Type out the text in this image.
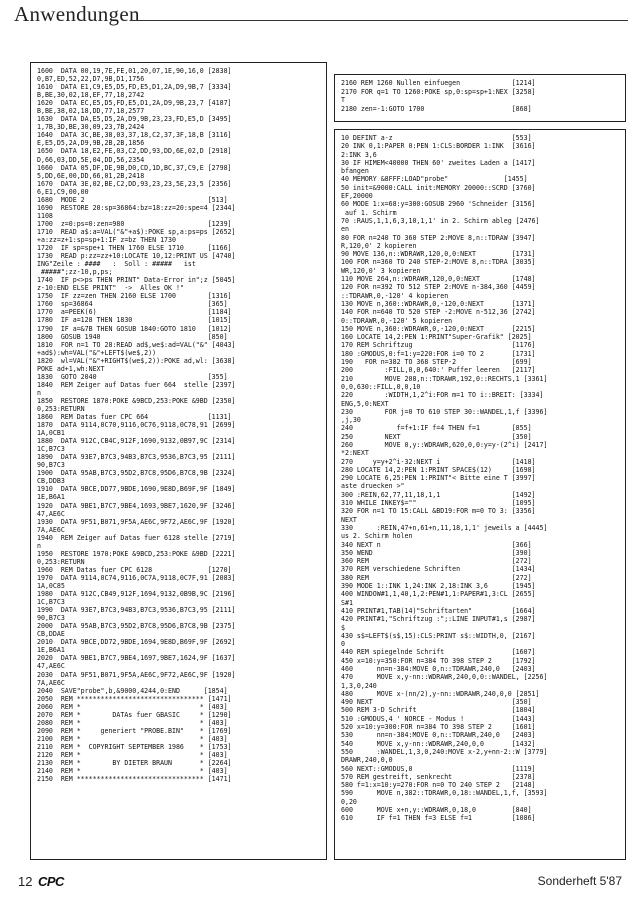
Anwendungen
1600  DATA 00,19,7E,FE,01,20,07,1E,90,16,0 [2838]
0,B7,ED,52,22,D7,9B,D1,1756
1610  DATA E1,C9,E5,D5,FD,E5,D1,2A,D9,9B,7 [3334]
B,BE,30,02,18,EF,77,18,2742
1620  DATA EC,E5,D5,FD,E5,D1,2A,D9,9B,23,7 [4187]
B,BE,38,02,18,DD,77,18,2577
1630  DATA DA,E5,D5,2A,D9,9B,23,23,FD,E5,D [3495]
1,7B,3D,BE,30,09,23,7B,2424
1640  DATA 3C,BE,38,03,37,18,C2,37,3F,18,B [3116]
E,E5,D5,2A,D9,9B,2B,2B,1856
1650  DATA 18,E2,FE,03,C2,DD,93,DD,6E,02,D [2918]
D,66,03,DD,5E,04,DD,56,2354
1660  DATA 05,DF,DE,9B,D0,CD,1D,BC,37,C9,E [2798]
5,DD,6E,00,DD,66,01,2B,2418
1670  DATA 3E,02,BE,C2,DD,93,23,23,5E,23,5 [2356]
6,E1,C9,00,00
1680  MODE 2                               [513]
1690  RESTORE 20:sp=36864:bz=18:zz=20:spe=4 [2344]
1108
1700  z=0:ps=0:zen=980                     [1239]
1710  READ a$:a=VAL("&"+a$):POKE sp,a:ps=ps [2652]
+a:zz=z+1:sp=sp+1:IF z=bz THEN 1730
1720  IF sp=spe+1 THEN 1760 ELSE 1710      [1166]
1730  READ p:zz=zz+10:LOCATE 10,12:PRINT US [4740]
ING"Zeile : ####   :  Soll : #####   ist
#####";zz-10,p,ps;
1740  IF p<>ps THEN PRINT" Data-Error in";z [5045]
z-10:END ELSE PRINT"  ->  Alles OK !"
1750  IF zz=zen THEN 2160 ELSE 1700        [1316]
1760  sp=36864                             [365]
1770  a=PEEK(6)                            [1184]
1780  IF a=128 THEN 1830                   [1015]
1790  IF a=&7B THEN GOSUB 1840:GOTO 1810   [1012]
1800  GOSUB 1940                           [850]
1810  FOR n=1 TO 28:READ ad$,we$:ad=VAL("&" [4043]
+ad$):wh=VAL("&"+LEFT$(we$,2))
1820  wl=VAL("&"+RIGHT$(we$,2)):POKE ad,wl: [3638]
POKE ad+1,wh:NEXT
1830  GOTO 2040                            [355]
1840  REM Zeiger auf Datas fuer 664  stelle [2397]
n
1850  RESTORE 1870:POKE &9BCD,253:POKE &9BD [2350]
0,253:RETURN
1860  REM Datas fuer CPC 664               [1131]
1870  DATA 9114,0C70,9116,0C76,9118,0C78,91 [2699]
1A,0CB1
1880  DATA 912C,CB4C,912F,1690,9132,0B97,9C [2314]
1C,B7C3
1890  DATA 93E7,B7C3,94B3,B7C3,9536,B7C3,95 [2111]
90,B7C3
1900  DATA 95AB,B7C3,95D2,B7C8,95D6,B7C8,9B [2324]
CB,DDB3
1910  DATA 9BCE,DD77,9BDE,1690,9E8D,B69F,9F [1849]
1E,B6A1
1920  DATA 9BE1,B7C7,9BE4,1693,9BE7,1620,9F [3246]
47,AE6C
1930  DATA 9F51,B071,9F5A,AE6C,9F72,AE6C,9F [1920]
7A,AE6C
1940  REM Zeiger auf Datas fuer 6128 stelle [2719]
n
1950  RESTORE 1970:POKE &9BCD,253:POKE &9BD [2221]
0,253:RETURN
1960  REM Datas fuer CPC 6128              [1270]
1970  DATA 9114,0C74,9116,0C7A,9118,0C7F,91 [2083]
1A,0C85
1980  DATA 912C,CB49,912F,1694,9132,0B9B,9C [2196]
1C,B7C3
1990  DATA 93E7,B7C3,94B3,B7C3,9536,B7C3,95 [2111]
90,B7C3
2000  DATA 95AB,B7C3,95D2,B7C8,95D6,B7C8,9B [2375]
CB,DDAE
2010  DATA 9BCE,DD72,9BDE,1694,9E8D,B69F,9F [2692]
1E,B6A1
2020  DATA 9BE1,B7C7,9BE4,1697,9BE7,1624,9F [1637]
47,AE6C
2030  DATA 9F51,B071,9F5A,AE6C,9F72,AE6C,9F [1920]
7A,AE6C
2040  SAVE"probe",b,&9000,4244,0:END      [1854]
2050  REM ******************************** [1471]
2060  REM *                              * [403]
2070  REM *        DATAs fuer GBASIC     * [1290]
2080  REM *                              * [403]
2090  REM *     generiert "PROBE.BIN"    * [1769]
2100  REM *                              * [403]
2110  REM *  COPYRIGHT SEPTEMBER 1986    * [1753]
2120  REM *                              * [403]
2130  REM *        BY DIETER BRAUN       * [2264]
2140  REM *                              * [403]
2150  REM ******************************** [1471]
2160 REM 1260 Nullen einfuegen             [1214]
2170 FOR q=1 TO 1260:POKE sp,0:sp=sp+1:NEX [3258]
T
2180 zen=-1:GOTO 1700                      [868]
10 DEFINT a-z                              [553]
20 INK 0,1:PAPER 0:PEN 1:CLS:BORDER 1:INK  [3616]
2:INK 3,6
30 IF HIMEM<40000 THEN 60' zweites Laden a [1417]
bfangen
40 MEMORY &8FFF:LOAD"probe"              [1455]
50 init=&9000:CALL init:MEMORY 20000::SCRD [3760]
EF,20000
60 MODE 1:x=68:y=300:GOSUB 2960 'Schneider [3156]
auf 1. Schirm
70 :RAUS,1,1,6,3,10,1,1' in 2. Schirm ableg [2476]
en
80 FOR n=240 TO 360 STEP 2:MOVE 8,n::TDRAW [3947]
R,120,0' 2 kopieren
90 MOVE 136,n::WDRAWR,120,0,0:NEXT         [1731]
100 FOR n=360 TO 240 STEP-2:MOVE 8,n::TDRA [3035]
WR,120,0' 3 kopieren
110 MOVE 264,n::WDRAWR,120,0,0:NEXT        [1748]
120 FOR n=392 TO 512 STEP 2:MOVE n-384,360 [4459]
::TDRAWR,0,-120' 4 kopieren
130 MOVE n,360::WDRAWR,0,-120,0:NEXT       [1371]
140 FOR n=640 TO 520 STEP -2:MOVE n-512,36 [2742]
0::TDRAWR,0,-120' 5 kopieren
150 MOVE n,360::WDRAWR,0,-120,0:NEXT       [2215]
160 LOCATE 14,2:PEN 1:PRINT"Super-Grafik" [2025]
170 REM Schriftzug                         [1176]
180 :GMODUS,0:f=1:y=220:FOR i=0 TO 2       [1731]
190   FOR n=382 TO 368 STEP-2              [699]
200        :FILL,0,0,640:' Puffer leeren   [2117]
210        MOVE 208,n::TDRAWR,192,0::RECHTS,1 [3361]
0,0,630::FILL,0,0,10
220        :WIDTH,1,2^i:FOR m=1 TO i::BREIT: [3334]
ENG,5,0:NEXT
230        FOR j=0 TO 610 STEP 30::WANDEL,1,f [3396]
,j,30
240           f=f+1:IF f=4 THEN f=1        [855]
250        NEXT                            [350]
260        MOVE 0,y::WDRAWR,620,0,0:y=y-(2^i) [2417]
*2:NEXT
270     y=y+2^i-32:NEXT i                  [1418]
280 LOCATE 14,2:PEN 1:PRINT SPACE$(12)     [1698]
290 LOCATE 6,25:PEN 1:PRINT"< Bitte eine T [3997]
aste druecken >"
300 :REIN,62,77,11,18,1,1                  [1492]
310 WHILE INKEY$=""                        [1095]
320 FOR n=1 TO 15:CALL &BD19:FOR m=0 TO 3: [3356]
NEXT
330      :REIN,47+n,61+n,11,18,1,1' jeweils a [4445]
us 2. Schirm holen
340 NEXT n                                 [366]
350 WEND                                   [390]
360 REM                                    [272]
370 REM verschiedene Schriften             [1434]
380 REM                                    [272]
390 MODE 1::INK 1,24:INK 2,18:INK 3,6      [1945]
400 WINDOW#1,1,40,1,2:PEN#1,1:PAPER#1,3:CL [2655]
S#1
410 PRINT#1,TAB(14)"Schriftarten"          [1664]
420 PRINT#1,"Schriftzug :";:LINE INPUT#1,s [2987]
$
430 s$=LEFT$(s$,15):CLS:PRINT s$::WIDTH,0, [2167]
0
440 REM spiegelnde Schrift                 [1607]
450 x=10:y=350:FOR n=384 TO 398 STEP 2     [1792]
460      nn=n-384:MOVE 0,n::TDRAWR,240,0   [2403]
470      MOVE x,y-nn::WDRAWR,240,0,0::WANDEL, [2256]
1,3,0,240
480      MOVE x-(nn/2),y-nn::WDRAWR,240,0,0 [2851]
490 NEXT                                   [350]
500 REM 3-D Schrift                        [1804]
510 :GMODUS,4 ' NORCE - Modus !            [1443]
520 x=10:y=300:FOR n=384 TO 398 STEP 2     [1601]
530      nn=n-384:MOVE 0,n::TDRAWR,240,0   [2403]
540      MOVE x,y-nn::WDRAWR,240,0,0       [1432]
550      :WANDEL,1,3,0,240:MOVE x-2,y+nn-2::W [3779]
DRAWR,240,0,0
560 NEXT::GMODUS,0                         [1119]
570 REM gestreift, senkrecht               [2378]
580 f=1:x=10:y=270:FOR n=0 TO 240 STEP 2   [2148]
590      MOVE n,382::TDRAWR,0,18::WANDEL,1,f, [3593]
0,20
600      MOVE x+n,y::WDRAWR,0,18,0         [840]
610      IF f=1 THEN f=3 ELSE f=1          [1086]
12 CPC	Sonderheft 5'87
